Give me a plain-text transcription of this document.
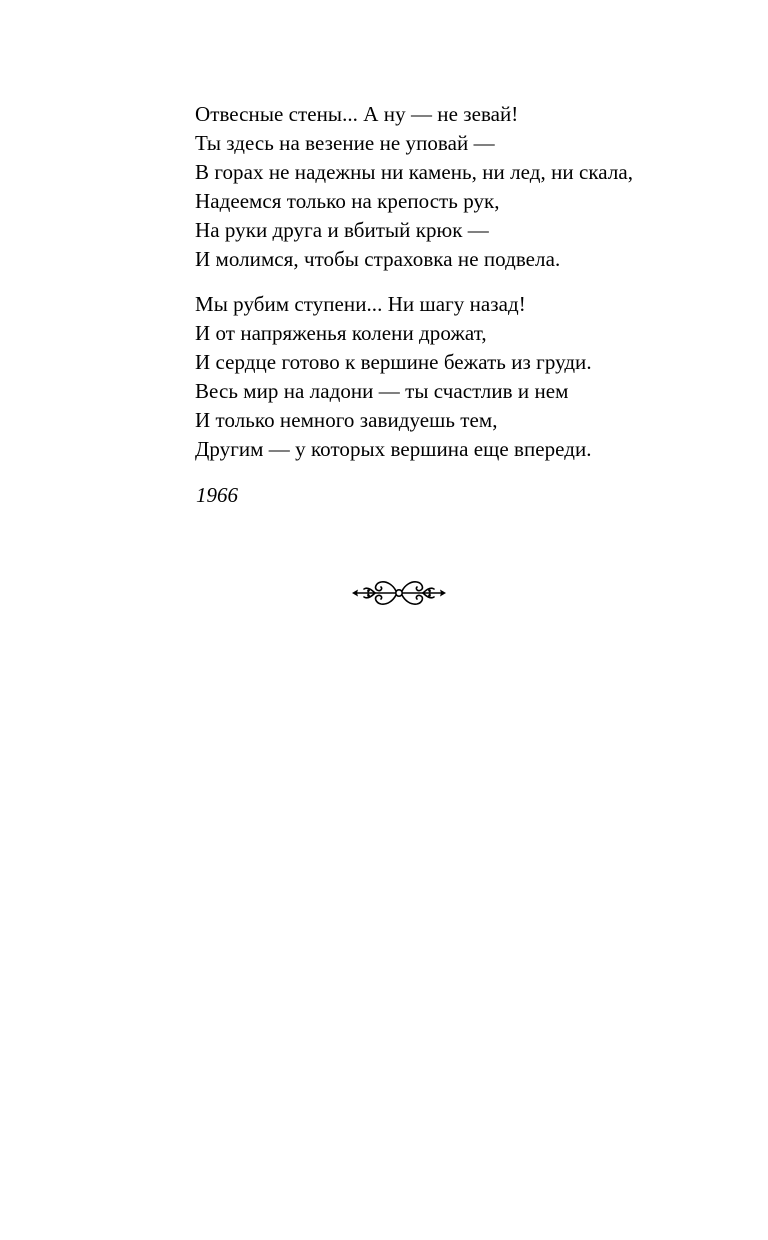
Отвесные стены... А ну — не зевай!
Ты здесь на везение не уповай —
В горах не надежны ни камень, ни лед, ни скала,
Надеемся только на крепость рук,
На руки друга и вбитый крюк —
И молимся, чтобы страховка не подвела.
Мы рубим ступени... Ни шагу назад!
И от напряженья колени дрожат,
И сердце готово к вершине бежать из груди.
Весь мир на ладони — ты счастлив и нем
И только немного завидуешь тем,
Другим — у которых вершина еще впереди.
1966
